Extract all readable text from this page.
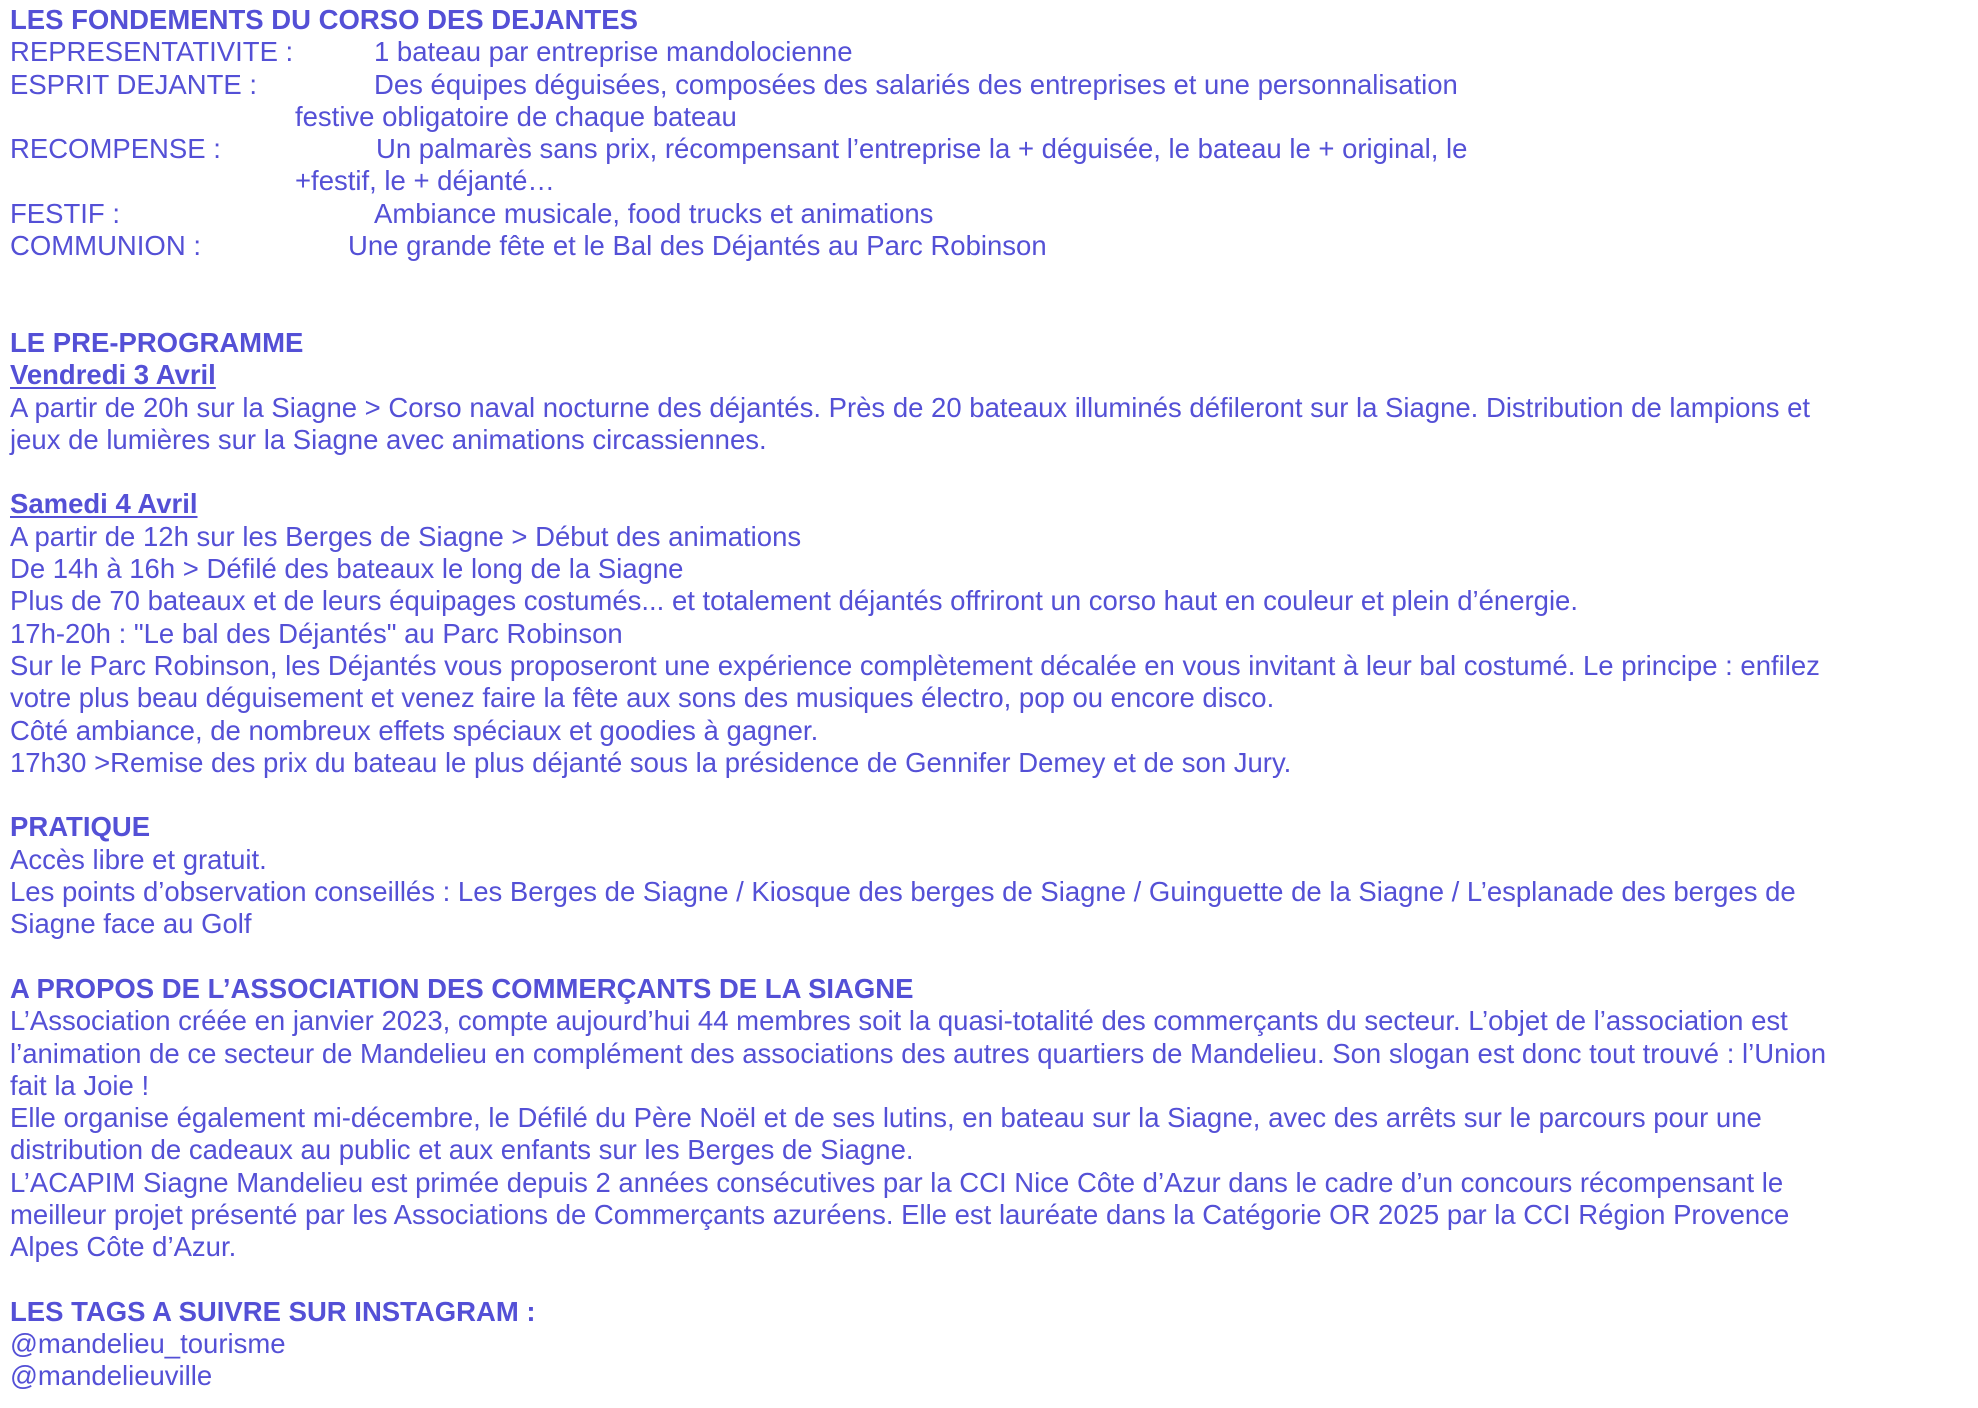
LES FONDEMENTS DU CORSO DES DEJANTES
REPRESENTATIVITE :	1 bateau par entreprise mandolocienne
ESPRIT DEJANTE :	Des équipes déguisées, composées des salariés des entreprises et une personnalisation
festive obligatoire de chaque bateau
RECOMPENSE :	Un palmarès sans prix, récompensant l’entreprise la + déguisée, le bateau le + original, le
+festif, le + déjanté…
FESTIF :	Ambiance musicale, food trucks et animations
COMMUNION :	Une grande fête et le Bal des Déjantés au Parc Robinson
LE PRE-PROGRAMME
Vendredi 3 Avril
A partir de 20h sur la Siagne > Corso naval nocturne des déjantés. Près de 20 bateaux illuminés défileront sur la Siagne. Distribution de lampions et
jeux de lumières sur la Siagne avec animations circassiennes.
Samedi 4 Avril
A partir de 12h sur les Berges de Siagne > Début des animations
De 14h à 16h > Défilé des bateaux le long de la Siagne
Plus de 70 bateaux et de leurs équipages costumés... et totalement déjantés offriront un corso haut en couleur et plein d’énergie.
17h-20h : "Le bal des Déjantés" au Parc Robinson
Sur le Parc Robinson, les Déjantés vous proposeront une expérience complètement décalée en vous invitant à leur bal costumé. Le principe : enfilez
votre plus beau déguisement et venez faire la fête aux sons des musiques électro, pop ou encore disco.
Côté ambiance, de nombreux effets spéciaux et goodies à gagner.
17h30 >Remise des prix du bateau le plus déjanté sous la présidence de Gennifer Demey et de son Jury.
PRATIQUE
Accès libre et gratuit.
Les points d’observation conseillés : Les Berges de Siagne / Kiosque des berges de Siagne / Guinguette de la Siagne / L’esplanade des berges de
Siagne face au Golf
A PROPOS DE L’ASSOCIATION DES COMMERÇANTS DE LA SIAGNE
L’Association créée en janvier 2023, compte aujourd’hui 44 membres soit la quasi-totalité des commerçants du secteur. L’objet de l’association est
l’animation de ce secteur de Mandelieu en complément des associations des autres quartiers de Mandelieu. Son slogan est donc tout trouvé : l’Union
fait la Joie !
Elle organise également mi-décembre, le Défilé du Père Noël et de ses lutins, en bateau sur la Siagne, avec des arrêts sur le parcours pour une
distribution de cadeaux au public et aux enfants sur les Berges de Siagne.
L’ACAPIM Siagne Mandelieu est primée depuis 2 années consécutives par la CCI Nice Côte d’Azur dans le cadre d’un concours récompensant le
meilleur projet présenté par les Associations de Commerçants azuréens. Elle est lauréate dans la Catégorie OR 2025 par la CCI Région Provence
Alpes Côte d’Azur.
LES TAGS A SUIVRE SUR INSTAGRAM :
@mandelieu_tourisme
@mandelieuville
